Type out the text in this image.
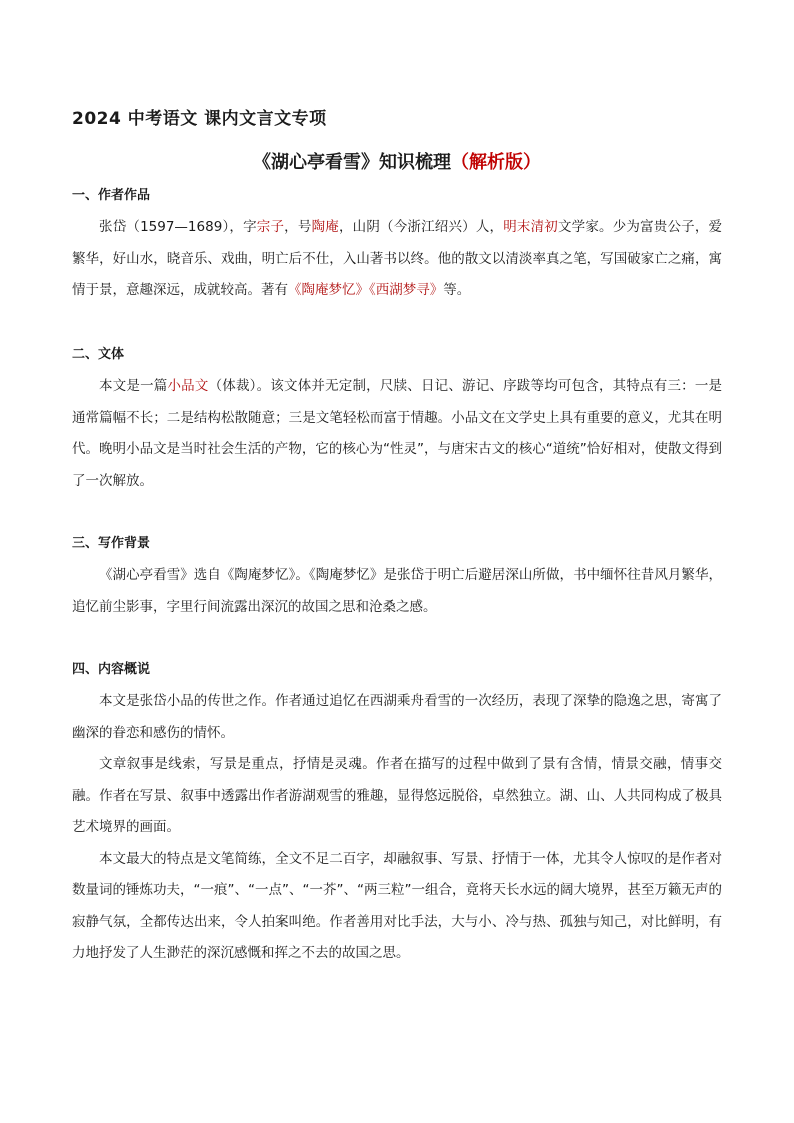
2024 中考语文 课内文言文专项
《湖心亭看雪》知识梳理（解析版）

一、作者作品

张岱（1597—1689），字宗子，号陶庵，山阴（今浙江绍兴）人，明末清初文学家。少为富贵公子，爱繁华，好山水，晓音乐、戏曲，明亡后不仕，入山著书以终。他的散文以清淡率真之笔，写国破家亡之痛，寓情于景，意趣深远，成就较高。著有《陶庵梦忆》《西湖梦寻》等。

二、文体

本文是一篇小品文（体裁）。该文体并无定制，尺牍、日记、游记、序跋等均可包含，其特点有三：一是通常篇幅不长；二是结构松散随意；三是文笔轻松而富于情趣。小品文在文学史上具有重要的意义，尤其在明代。晚明小品文是当时社会生活的产物，它的核心为“性灵”，与唐宋古文的核心“道统”恰好相对，使散文得到了一次解放。

三、写作背景

《湖心亭看雪》选自《陶庵梦忆》。《陶庵梦忆》是张岱于明亡后避居深山所做，书中缅怀往昔风月繁华，追忆前尘影事，字里行间流露出深沉的故国之思和沧桑之感。

四、内容概说

本文是张岱小品的传世之作。作者通过追忆在西湖乘舟看雪的一次经历，表现了深挚的隐逸之思，寄寓了幽深的眷恋和感伤的情怀。

文章叙事是线索，写景是重点，抒情是灵魂。作者在描写的过程中做到了景有含情，情景交融，情事交融。作者在写景、叙事中透露出作者游湖观雪的雅趣，显得悠远脱俗，卓然独立。湖、山、人共同构成了极具艺术境界的画面。

本文最大的特点是文笔简练，全文不足二百字，却融叙事、写景、抒情于一体，尤其令人惊叹的是作者对数量词的锤炼功夫，“一痕”、“一点”、“一芥”、“两三粒”一组合，竟将天长水远的阔大境界，甚至万籁无声的寂静气氛，全都传达出来，令人拍案叫绝。作者善用对比手法，大与小、冷与热、孤独与知己，对比鲜明，有力地抒发了人生渺茫的深沉感慨和挥之不去的故国之思。
